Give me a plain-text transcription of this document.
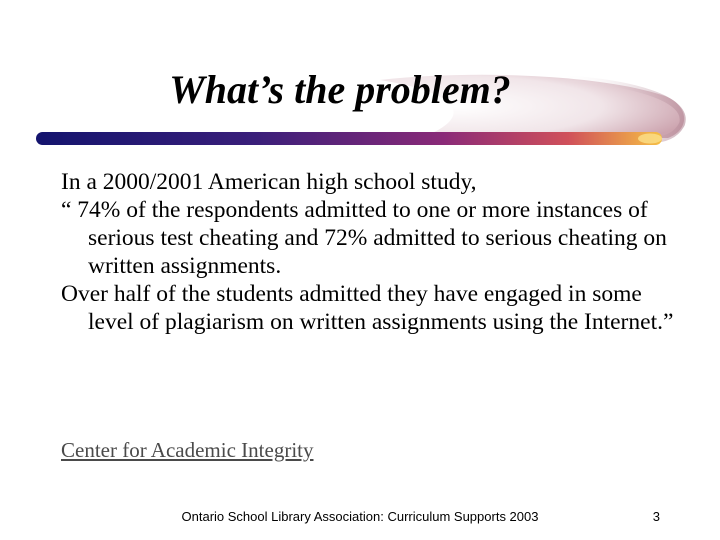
What’s the problem?

In a 2000/2001 American high school study,

“ 74% of the respondents admitted to one or more instances of serious test cheating and 72% admitted to serious cheating on written assignments.

Over half of the students admitted they have engaged in some level of plagiarism on written assignments using the Internet.”

Center for Academic Integrity
Ontario School Library Association: Curriculum Supports 2003	3
